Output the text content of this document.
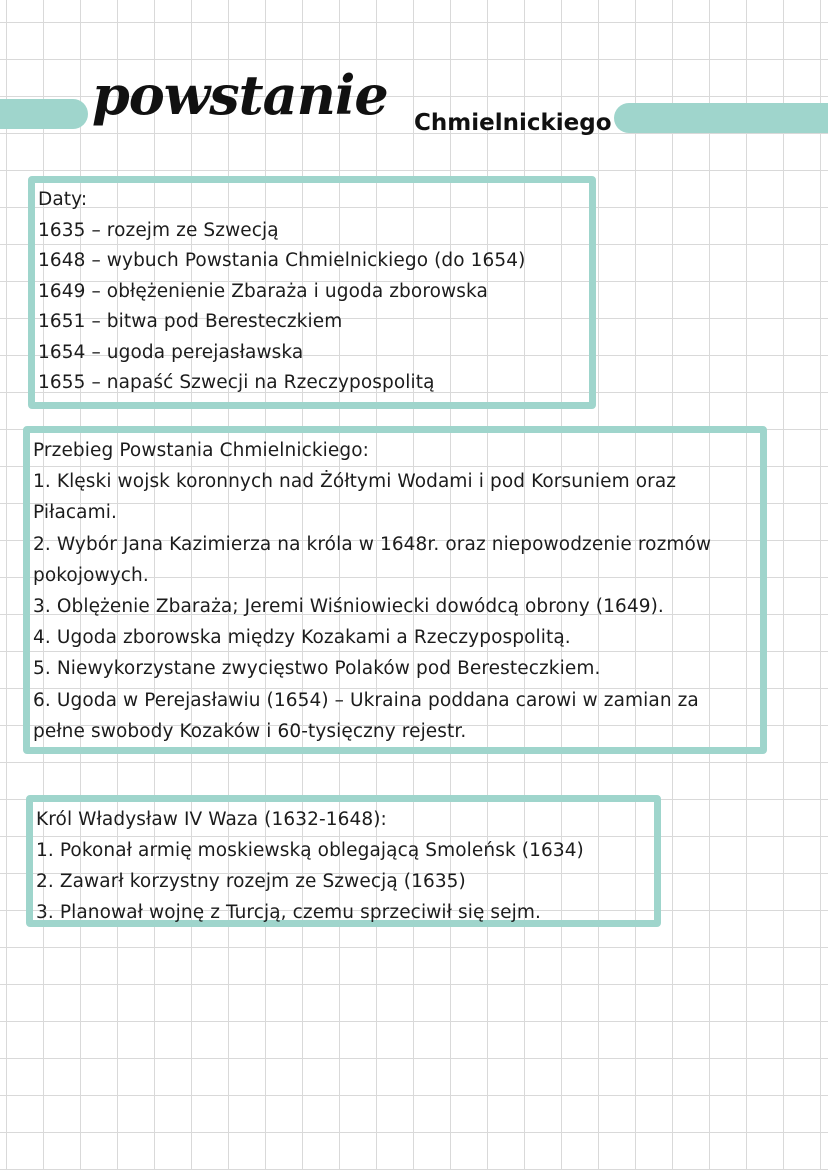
powstanie Chmielnickiego

Daty:

1635 – rozejm ze Szwecją

1648 – wybuch Powstania Chmielnickiego (do 1654)

1649 – obłężenienie Zbaraża i ugoda zborowska

1651 – bitwa pod Beresteczkiem

1654 – ugoda perejasławska

1655 – napaść Szwecji na Rzeczypospolitą

Przebieg Powstania Chmielnickiego:

1. Klęski wojsk koronnych nad Żółtymi Wodami i pod Korsuniem oraz

Piłacami.

2. Wybór Jana Kazimierza na króla w 1648r. oraz niepowodzenie rozmów

pokojowych.

3. Oblężenie Zbaraża; Jeremi Wiśniowiecki dowódcą obrony (1649).

4. Ugoda zborowska między Kozakami a Rzeczypospolitą.

5. Niewykorzystane zwycięstwo Polaków pod Beresteczkiem.

6. Ugoda w Perejasławiu (1654) – Ukraina poddana carowi w zamian za

pełne swobody Kozaków i 60-tysięczny rejestr.

Król Władysław IV Waza (1632-1648):

1. Pokonał armię moskiewską oblegającą Smoleńsk (1634)

2. Zawarł korzystny rozejm ze Szwecją (1635)

3. Planował wojnę z Turcją, czemu sprzeciwił się sejm.
